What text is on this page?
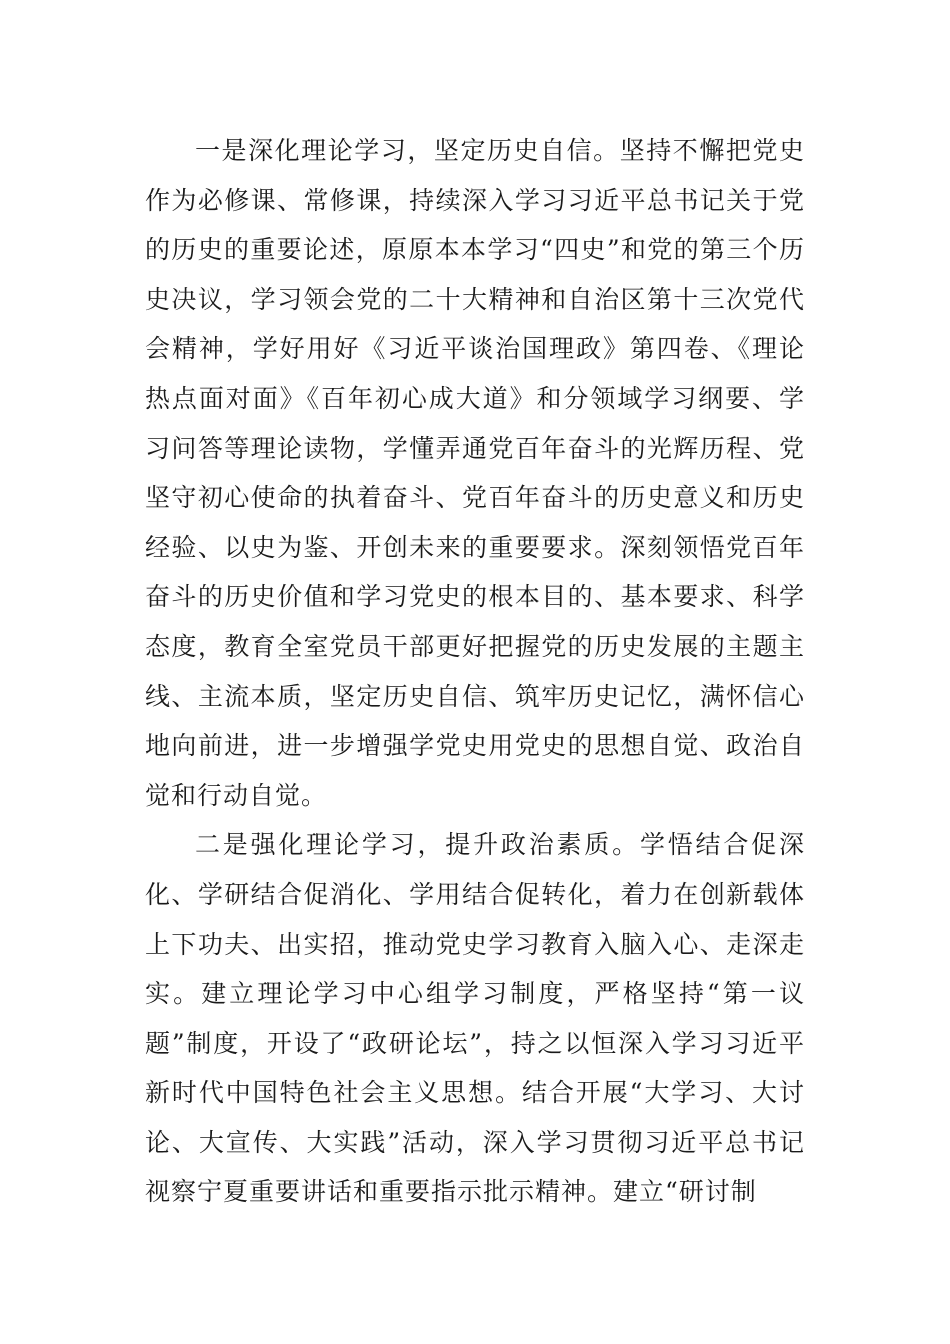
一是深化理论学习，坚定历史自信。坚持不懈把党史作为必修课、常修课，持续深入学习习近平总书记关于党的历史的重要论述，原原本本学习“四史”和党的第三个历史决议，学习领会党的二十大精神和自治区第十三次党代会精神，学好用好《习近平谈治国理政》第四卷、《理论热点面对面》《百年初心成大道》和分领域学习纲要、学习问答等理论读物，学懂弄通党百年奋斗的光辉历程、党坚守初心使命的执着奋斗、党百年奋斗的历史意义和历史经验、以史为鉴、开创未来的重要要求。深刻领悟党百年奋斗的历史价值和学习党史的根本目的、基本要求、科学态度，教育全室党员干部更好把握党的历史发展的主题主线、主流本质，坚定历史自信、筑牢历史记忆，满怀信心地向前进，进一步增强学党史用党史的思想自觉、政治自觉和行动自觉。

二是强化理论学习，提升政治素质。学悟结合促深化、学研结合促消化、学用结合促转化，着力在创新载体上下功夫、出实招，推动党史学习教育入脑入心、走深走实。建立理论学习中心组学习制度，严格坚持“第一议题”制度，开设了“政研论坛”，持之以恒深入学习习近平新时代中国特色社会主义思想。结合开展“大学习、大讨论、大宣传、大实践”活动，深入学习贯彻习近平总书记视察宁夏重要讲话和重要指示批示精神。建立“研讨制
